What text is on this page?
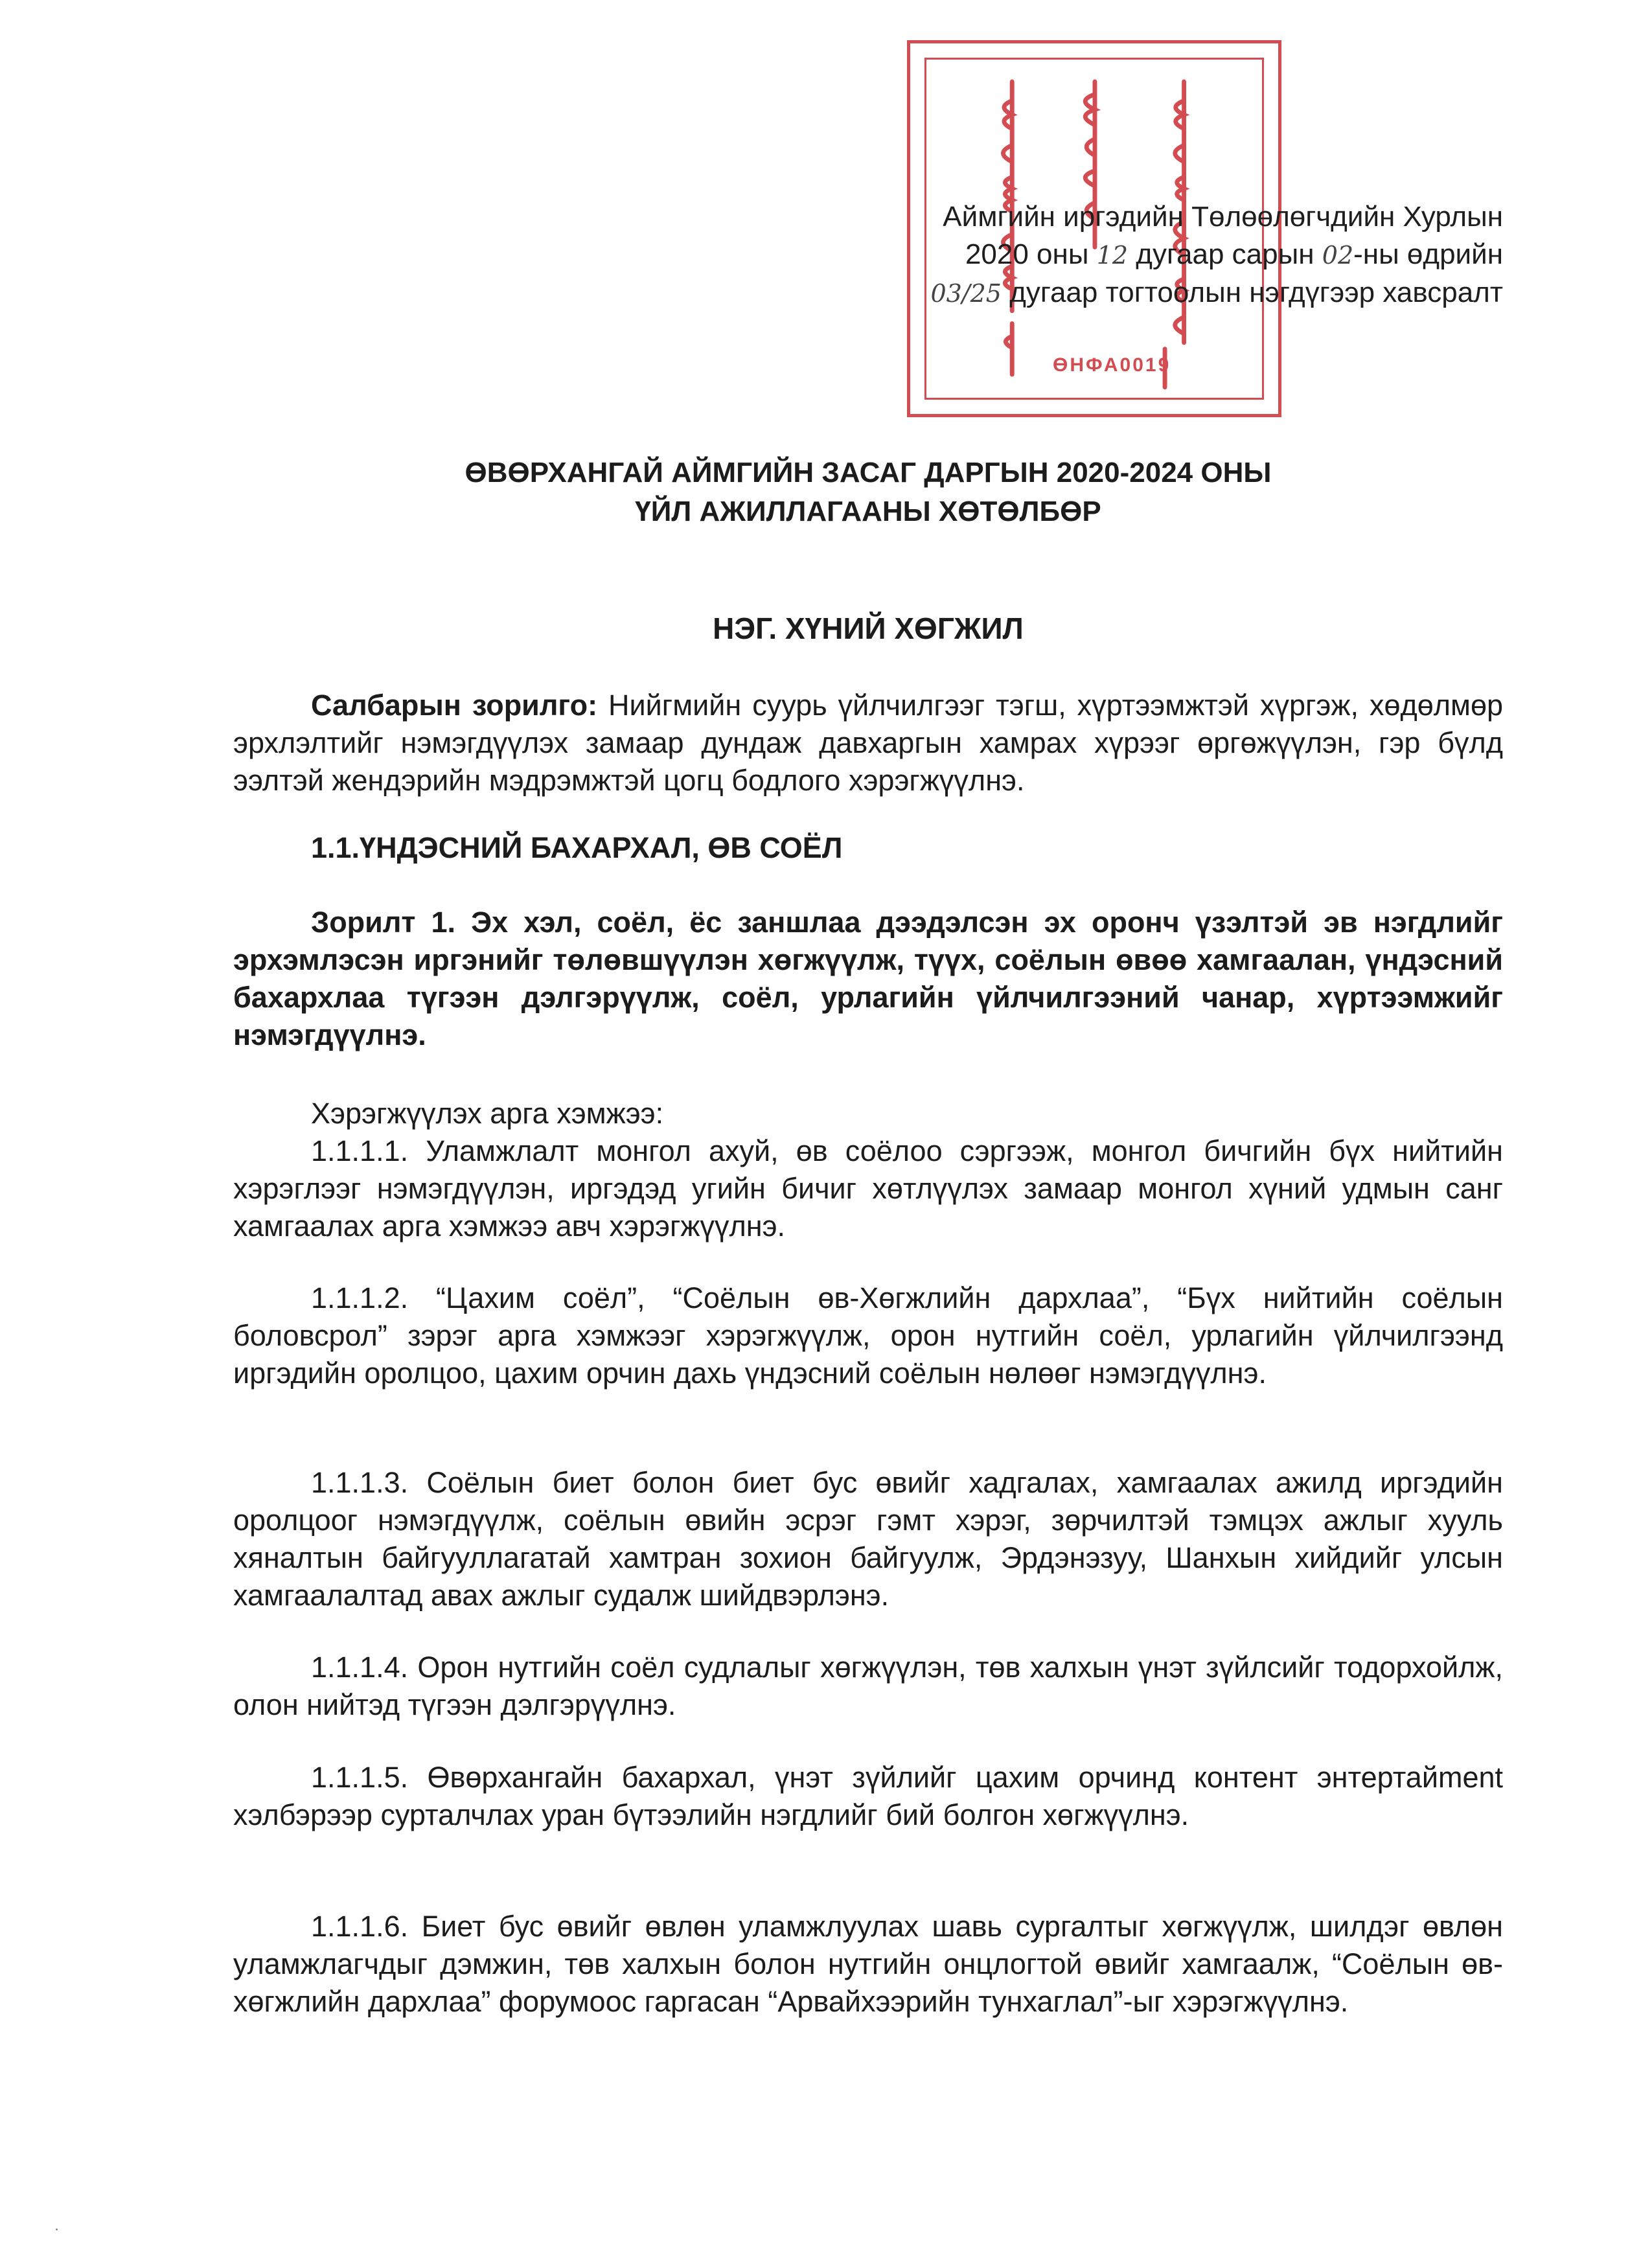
ӨНФА0019
Аймгийн иргэдийн Төлөөлөгчдийн Хурлын
2020 оны 12 дугаар сарын 02-ны өдрийн
03/25 дугаар тогтоолын нэгдүгээр хавсралт
ӨВӨРХАНГАЙ АЙМГИЙН ЗАСАГ ДАРГЫН 2020-2024 ОНЫ
ҮЙЛ АЖИЛЛАГААНЫ ХӨТӨЛБӨР
НЭГ. ХҮНИЙ ХӨГЖИЛ

Салбарын зорилго: Нийгмийн суурь үйлчилгээг тэгш, хүртээмжтэй хүргэж, хөдөлмөр эрхлэлтийг нэмэгдүүлэх замаар дундаж давхаргын хамрах хүрээг өргөжүүлэн, гэр бүлд ээлтэй жендэрийн мэдрэмжтэй цогц бодлого хэрэгжүүлнэ.

1.1.ҮНДЭСНИЙ БАХАРХАЛ, ӨВ СОЁЛ

Зорилт 1. Эх хэл, соёл, ёс заншлаа дээдэлсэн эх оронч үзэлтэй эв нэгдлийг эрхэмлэсэн иргэнийг төлөвшүүлэн хөгжүүлж, түүх, соёлын өвөө хамгаалан, үндэсний бахархлаа түгээн дэлгэрүүлж, соёл, урлагийн үйлчилгээний чанар, хүртээмжийг нэмэгдүүлнэ.

Хэрэгжүүлэх арга хэмжээ:

1.1.1.1. Уламжлалт монгол ахуй, өв соёлоо сэргээж, монгол бичгийн бүх нийтийн хэрэглээг нэмэгдүүлэн, иргэдэд угийн бичиг хөтлүүлэх замаар монгол хүний удмын санг хамгаалах арга хэмжээ авч хэрэгжүүлнэ.

1.1.1.2. “Цахим соёл”, “Соёлын өв-Хөгжлийн дархлаа”, “Бүх нийтийн соёлын боловсрол” зэрэг арга хэмжээг хэрэгжүүлж, орон нутгийн соёл, урлагийн үйлчилгээнд иргэдийн оролцоо, цахим орчин дахь үндэсний соёлын нөлөөг нэмэгдүүлнэ.

1.1.1.3. Соёлын биет болон биет бус өвийг хадгалах, хамгаалах ажилд иргэдийн оролцоог нэмэгдүүлж, соёлын өвийн эсрэг гэмт хэрэг, зөрчилтэй тэмцэх ажлыг хууль хяналтын байгууллагатай хамтран зохион байгуулж, Эрдэнэзуу, Шанхын хийдийг улсын хамгаалалтад авах ажлыг судалж шийдвэрлэнэ.

1.1.1.4. Орон нутгийн соёл судлалыг хөгжүүлэн, төв халхын үнэт зүйлсийг тодорхойлж, олон нийтэд түгээн дэлгэрүүлнэ.

1.1.1.5. Өвөрхангайн бахархал, үнэт зүйлийг цахим орчинд контент энтертайment хэлбэрээр сурталчлах уран бүтээлийн нэгдлийг бий болгон хөгжүүлнэ.

1.1.1.6. Биет бус өвийг өвлөн уламжлуулах шавь сургалтыг хөгжүүлж, шилдэг өвлөн уламжлагчдыг дэмжин, төв халхын болон нутгийн онцлогтой өвийг хамгаалж, “Соёлын өв- хөгжлийн дархлаа” форумоос гаргасан “Арвайхээрийн тунхаглал”-ыг хэрэгжүүлнэ.
